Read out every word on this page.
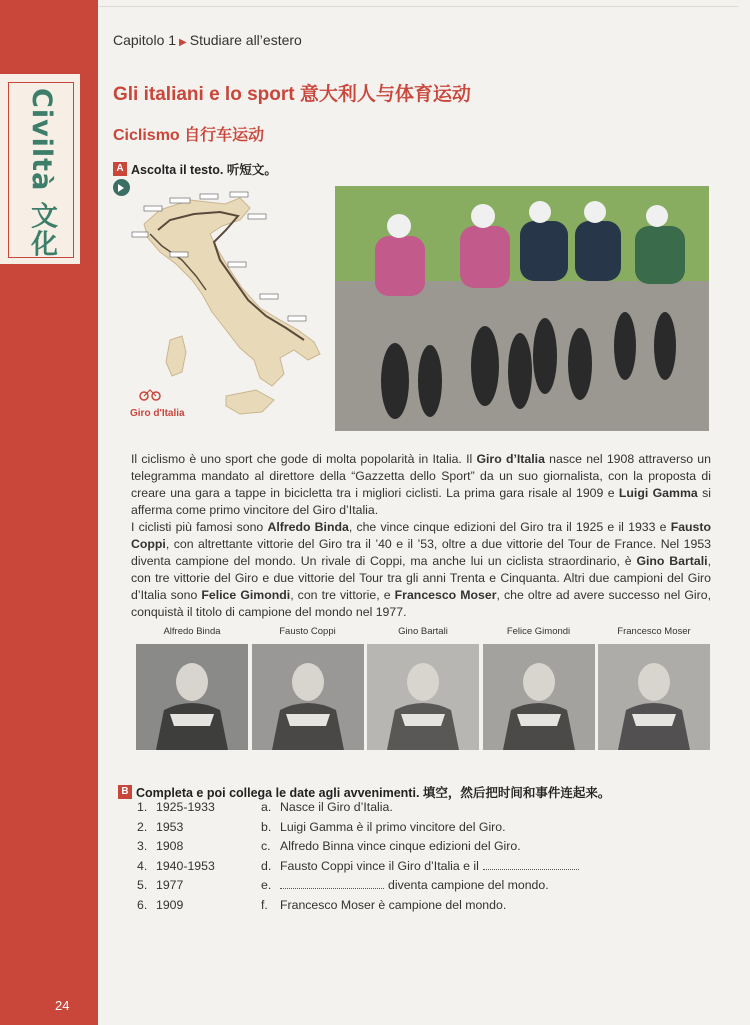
Civiltà 文化
24
Capitolo 1 ▶ Studiare all’estero
Gli italiani e lo sport 意大利人与体育运动
Ciclismo 自行车运动
A Ascolta il testo. 听短文。
Giro d'Italia

Il ciclismo è uno sport che gode di molta popolarità in Italia. Il Giro d’Italia nasce nel 1908 attraverso un telegramma mandato al direttore della “Gazzetta dello Sport” da un suo giornalista, con la proposta di creare una gara a tappe in bicicletta tra i migliori ciclisti. La prima gara risale al 1909 e Luigi Gamma si afferma come primo vincitore del Giro d’Italia.

I ciclisti più famosi sono Alfredo Binda, che vince cinque edizioni del Giro tra il 1925 e il 1933 e Fausto Coppi, con altrettante vittorie del Giro tra il ’40 e il ’53, oltre a due vittorie del Tour de France. Nel 1953 diventa campione del mondo. Un rivale di Coppi, ma anche lui un ciclista straordinario, è Gino Bartali, con tre vittorie del Giro e due vittorie del Tour tra gli anni Trenta e Cinquanta. Altri due campioni del Giro d’Italia sono Felice Gimondi, con tre vittorie, e Francesco Moser, che oltre ad avere successo nel Giro, conquistà il titolo di campione del mondo nel 1977.

Alfredo Binda	Fausto Coppi	Gino Bartali	Felice Gimondi	Francesco Moser
B Completa e poi collega le date agli avvenimenti. 填空，然后把时间和事件连起来。
1. 1925-1933
2. 1953
3. 1908
4. 1940-1953
5. 1977
6. 1909
a. Nasce il Giro d’Italia.
b. Luigi Gamma è il primo vincitore del Giro.
c. Alfredo Binna vince cinque edizioni del Giro.
d. Fausto Coppi vince il Giro d’Italia e il
e.	diventa campione del mondo.
f. Francesco Moser è campione del mondo.
